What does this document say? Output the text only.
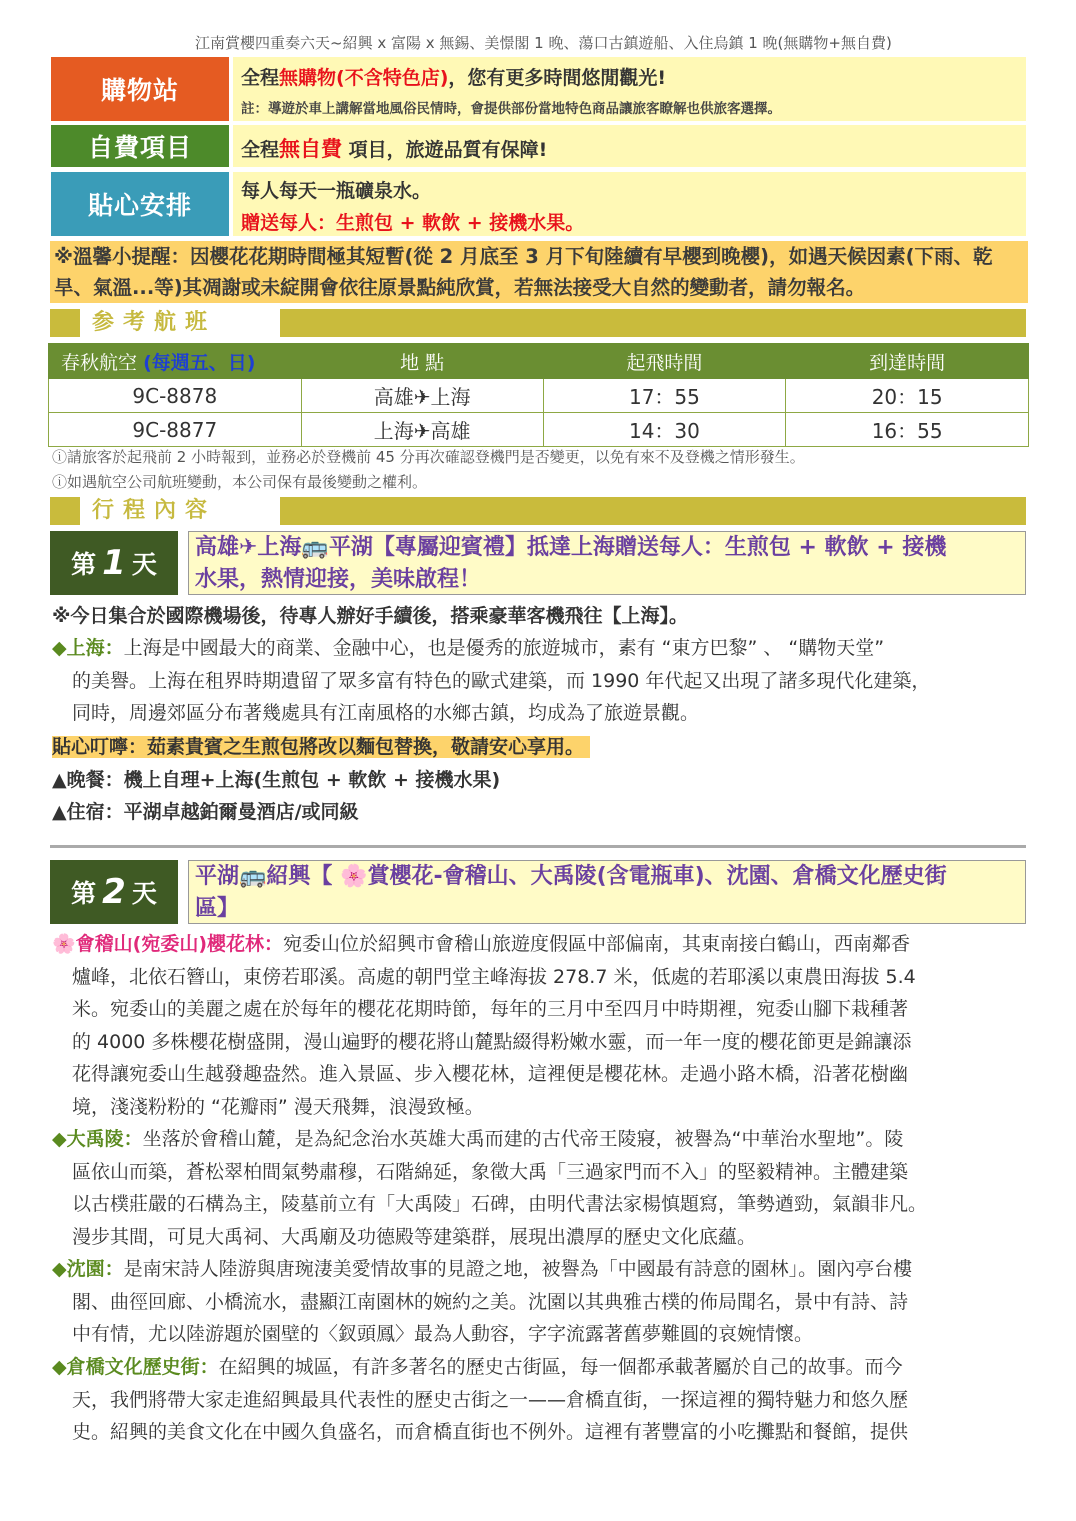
江南賞櫻四重奏六天~紹興 x 富陽 x 無錫、美憬閣 1 晚、蕩口古鎮遊船、入住烏鎮 1 晚(無購物+無自費)
購物站	全程無購物(不含特色店)，您有更多時間悠閒觀光!
註：導遊於車上講解當地風俗民情時，會提供部份當地特色商品讓旅客瞭解也供旅客選擇。
自費項目	全程無自費 項目，旅遊品質有保障!
貼心安排	每人每天一瓶礦泉水。
贈送每人：生煎包 + 軟飲 + 接機水果。
※溫馨小提醒：因櫻花花期時間極其短暫(從 2 月底至 3 月下旬陸續有早櫻到晚櫻)，如遇天候因素(下雨、乾旱、氣溫...等)其凋謝或未綻開會依往原景點純欣賞，若無法接受大自然的變動者，請勿報名。
参考航班
春秋航空 (每週五、日)	地 點	起飛時間	到達時間
9C-8878	高雄✈上海	17：55	20：15
9C-8877	上海✈高雄	14：30	16：55
ⓘ請旅客於起飛前 2 小時報到，並務必於登機前 45 分再次確認登機門是否變更，以免有來不及登機之情形發生。
ⓘ如遇航空公司航班變動，本公司保有最後變動之權利。
行程內容
第 1 天
高雄✈上海🚌平湖【專屬迎賓禮】抵達上海贈送每人：生煎包 + 軟飲 + 接機
水果，熱情迎接，美味啟程！
※今日集合於國際機場後，待專人辦好手續後，搭乘豪華客機飛往【上海】。
◆上海：上海是中國最大的商業、金融中心，也是優秀的旅遊城市，素有 “東方巴黎” 、 “購物天堂”
的美譽。上海在租界時期遺留了眾多富有特色的歐式建築，而 1990 年代起又出現了諸多現代化建築，
同時，周邊郊區分布著幾處具有江南風格的水鄉古鎮，均成為了旅遊景觀。
貼心叮嚀：茹素貴賓之生煎包將改以麵包替換，敬請安心享用。
▲晚餐：機上自理+上海(生煎包 + 軟飲 + 接機水果)
▲住宿：平湖卓越鉑爾曼酒店/或同級
第 2 天
平湖🚌紹興【 🌸賞櫻花-會稽山、大禹陵(含電瓶車)、沈園、倉橋文化歷史街
區】
🌸會稽山(宛委山)櫻花林：宛委山位於紹興市會稽山旅遊度假區中部偏南，其東南接白鶴山，西南鄰香
爐峰，北依石簪山，東傍若耶溪。高處的朝門堂主峰海拔 278.7 米，低處的若耶溪以東農田海拔 5.4
米。宛委山的美麗之處在於每年的櫻花花期時節，每年的三月中至四月中時期裡，宛委山腳下栽種著
的 4000 多株櫻花樹盛開，漫山遍野的櫻花將山麓點綴得粉嫩水靈，而一年一度的櫻花節更是錦讓添
花得讓宛委山生越發趣盎然。進入景區、步入櫻花林，這裡便是櫻花林。走過小路木橋，沿著花樹幽
境，淺淺粉粉的 “花瓣雨” 漫天飛舞，浪漫致極。
◆大禹陵：坐落於會稽山麓，是為紀念治水英雄大禹而建的古代帝王陵寢，被譽為“中華治水聖地”。陵
區依山而築，蒼松翠柏間氣勢肅穆，石階綿延，象徵大禹「三過家門而不入」的堅毅精神。主體建築
以古樸莊嚴的石構為主，陵墓前立有「大禹陵」石碑，由明代書法家楊慎題寫，筆勢遒勁，氣韻非凡。
漫步其間，可見大禹祠、大禹廟及功德殿等建築群，展現出濃厚的歷史文化底蘊。
◆沈園：是南宋詩人陸游與唐琬淒美愛情故事的見證之地，被譽為「中國最有詩意的園林」。園內亭台樓
閣、曲徑回廊、小橋流水，盡顯江南園林的婉約之美。沈園以其典雅古樸的佈局聞名，景中有詩、詩
中有情，尤以陸游題於園壁的〈釵頭鳳〉最為人動容，字字流露著舊夢難圓的哀婉情懷。
◆倉橋文化歷史街：在紹興的城區，有許多著名的歷史古街區，每一個都承載著屬於自己的故事。而今
天，我們將帶大家走進紹興最具代表性的歷史古街之一——倉橋直街，一探這裡的獨特魅力和悠久歷
史。紹興的美食文化在中國久負盛名，而倉橋直街也不例外。這裡有著豐富的小吃攤點和餐館，提供
